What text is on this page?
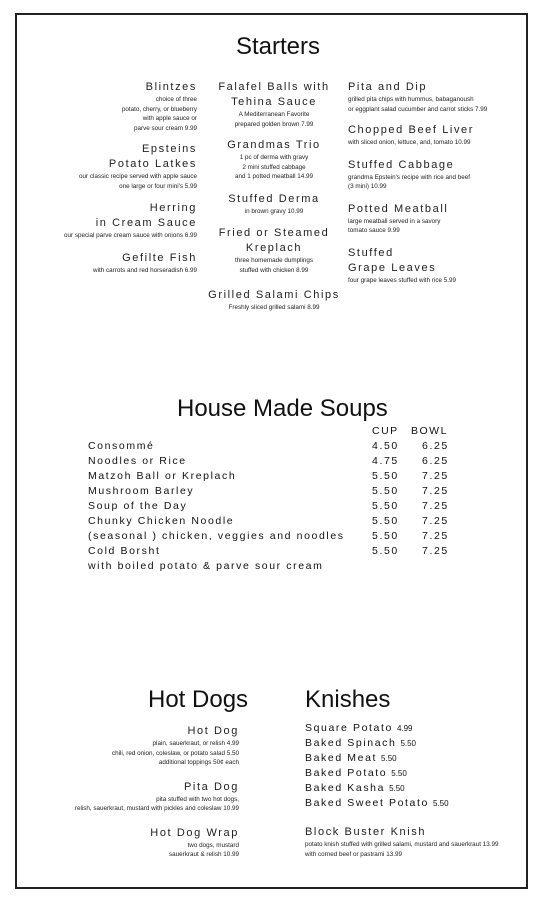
Starters
Blintzes
choice of three
potato, cherry, or blueberry
with apple sauce or
parve sour cream 9.99
Epsteins
Potato Latkes
our classic recipe served with apple sauce
one large or four mini's 5.99
Herring
in Cream Sauce
our special parve cream sauce with onions 6.99
Gefilte Fish
with carrots and red horseradish 6.99
Falafel Balls with
Tehina Sauce
A Mediterranean Favorite
prepared golden brown 7.99
Grandmas Trio
1 pc of derma with gravy
2 mini stuffed cabbage
and 1 potted meatball 14.99
Stuffed Derma
in brown gravy 10.99
Fried or Steamed
Kreplach
three homemade dumplings
stuffed with chicken 8.99
Grilled Salami Chips
Freshly sliced grilled salami 8.99
Pita and Dip
grilled pita chips with hummus, babaganoush
or eggplant salad cucumber and carrot sticks 7.99
Chopped Beef Liver
with sliced onion, lettuce, and, tomato 10.99
Stuffed Cabbage
grandma Epstein's recipe with rice and beef
(3 mini) 10.99
Potted Meatball
large meatball served in a savory
tomato sauce 9.99
Stuffed
Grape Leaves
four grape leaves stuffed with rice 5.99
House Made Soups
CUP BOWL
Consommé	4.50 6.25
Noodles or Rice	4.75 6.25
Matzoh Ball or Kreplach	5.50 7.25
Mushroom Barley	5.50 7.25
Soup of the Day	5.50 7.25
Chunky Chicken Noodle	5.50 7.25
(seasonal ) chicken, veggies and noodles	5.50 7.25
Cold Borsht	5.50 7.25
with boiled potato & parve sour cream
Hot Dogs
Hot Dog
plain, sauerkraut, or relish 4.99
chili, red onion, coleslaw, or potato salad 5.50
additional toppings 50¢ each
Pita Dog
pita stuffed with two hot dogs,
relish, sauerkraut, mustard with pickles and coleslaw 10.99
Hot Dog Wrap
two dogs, mustard
sauerkraut & relish 10.99
Knishes
Square Potato 4.99
Baked Spinach 5.50
Baked Meat 5.50
Baked Potato 5.50
Baked Kasha 5.50
Baked Sweet Potato 5.50
Block Buster Knish
potato knish stuffed with grilled salami, mustard and sauerkraut 13.99
with corned beef or pastrami 13.99
